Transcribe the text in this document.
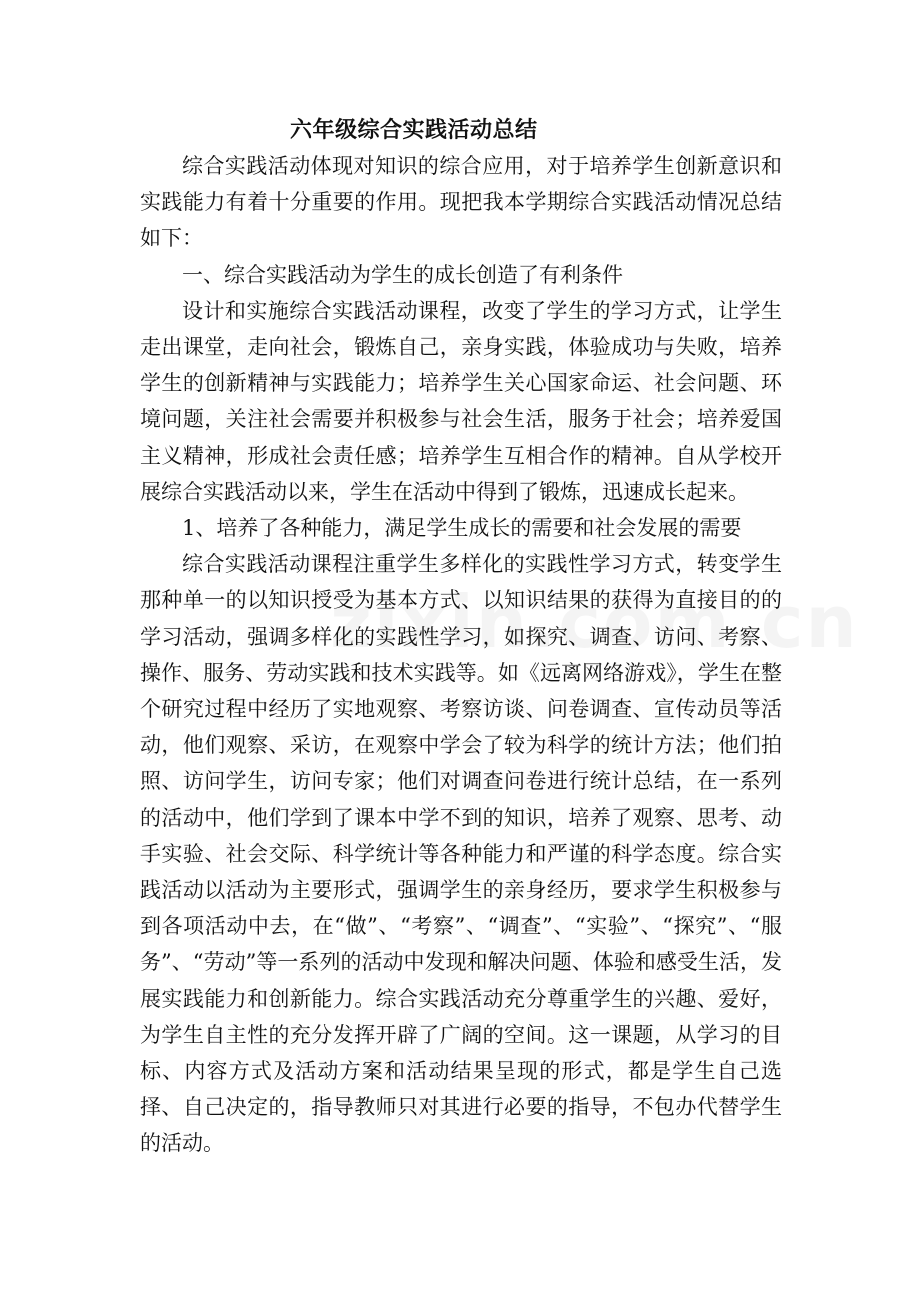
六年级综合实践活动总结

综合实践活动体现对知识的综合应用，对于培养学生创新意识和实践能力有着十分重要的作用。现把我本学期综合实践活动情况总结如下：

一、综合实践活动为学生的成长创造了有利条件

设计和实施综合实践活动课程，改变了学生的学习方式，让学生走出课堂，走向社会，锻炼自己，亲身实践，体验成功与失败，培养学生的创新精神与实践能力；培养学生关心国家命运、社会问题、环境问题，关注社会需要并积极参与社会生活，服务于社会；培养爱国主义精神，形成社会责任感；培养学生互相合作的精神。自从学校开展综合实践活动以来，学生在活动中得到了锻炼，迅速成长起来。

1、培养了各种能力，满足学生成长的需要和社会发展的需要

综合实践活动课程注重学生多样化的实践性学习方式，转变学生那种单一的以知识授受为基本方式、以知识结果的获得为直接目的的学习活动，强调多样化的实践性学习，如探究、调查、访问、考察、操作、服务、劳动实践和技术实践等。如《远离网络游戏》，学生在整个研究过程中经历了实地观察、考察访谈、问卷调查、宣传动员等活动，他们观察、采访，在观察中学会了较为科学的统计方法；他们拍照、访问学生，访问专家；他们对调查问卷进行统计总结，在一系列的活动中，他们学到了课本中学不到的知识，培养了观察、思考、动手实验、社会交际、科学统计等各种能力和严谨的科学态度。综合实践活动以活动为主要形式，强调学生的亲身经历，要求学生积极参与到各项活动中去，在“做”、“考察”、“调查”、“实验”、“探究”、“服务”、“劳动”等一系列的活动中发现和解决问题、体验和感受生活，发展实践能力和创新能力。综合实践活动充分尊重学生的兴趣、爱好，为学生自主性的充分发挥开辟了广阔的空间。这一课题，从学习的目标、内容方式及活动方案和活动结果呈现的形式，都是学生自己选择、自己决定的，指导教师只对其进行必要的指导，不包办代替学生的活动。
